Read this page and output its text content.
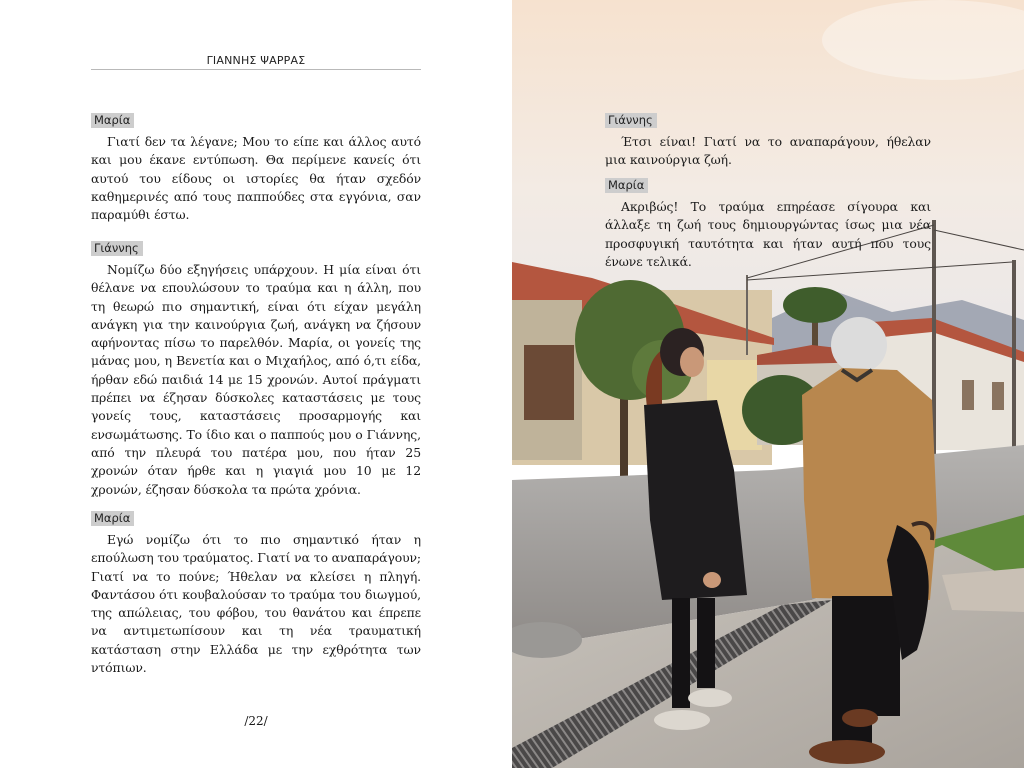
ΓΙΑΝΝΗΣ ΨΑΡΡΑΣ
Μαρία

Γιατί δεν τα λέγανε; Μου το είπε και άλλος αυτό και μου έκανε εντύπωση. Θα περίμενε κανείς ότι αυτού του είδους οι ιστορίες θα ήταν σχεδόν καθημερινές από τους παππούδες στα εγγόνια, σαν παραμύθι έστω.

Γιάννης

Νομίζω δύο εξηγήσεις υπάρχουν. Η μία είναι ότι θέλανε να επουλώσουν το τραύμα και η άλλη, που τη θεωρώ πιο σημαντική, είναι ότι είχαν μεγάλη ανάγκη για την καινούργια ζωή, ανάγκη να ζήσουν αφήνοντας πίσω το παρελθόν. Μαρία, οι γονείς της μάνας μου, η Βενετία και ο Μιχαήλος, από ό,τι είδα, ήρθαν εδώ παιδιά 14 με 15 χρονών. Αυτοί πράγματι πρέπει να έζησαν δύσκολες καταστάσεις με τους γονείς τους, καταστάσεις προσαρμογής και ενσωμάτωσης. Το ίδιο και ο παππούς μου ο Γιάννης, από την πλευρά του πατέρα μου, που ήταν 25 χρονών όταν ήρθε και η γιαγιά μου 10 με 12 χρονών, έζησαν δύσκολα τα πρώτα χρόνια.

Μαρία

Εγώ νομίζω ότι το πιο σημαντικό ήταν η επούλωση του τραύματος. Γιατί να το αναπαράγουν; Γιατί να το πούνε; Ήθελαν να κλείσει η πληγή. Φαντάσου ότι κουβαλούσαν το τραύμα του διωγμού, της απώλειας, του φόβου, του θανάτου και έπρεπε να αντιμετωπίσουν και τη νέα τραυματική κατάσταση στην Ελλάδα με την εχθρότητα των ντόπιων.

/22/
Γιάννης

Έτσι είναι! Γιατί να το αναπαράγουν, ήθελαν μια καινούργια ζωή.

Μαρία

Ακριβώς! Το τραύμα επηρέασε σίγουρα και άλλαξε τη ζωή τους δημιουργώντας ίσως μια νέα προσφυγική ταυτότητα και ήταν αυτή που τους ένωνε τελικά.
